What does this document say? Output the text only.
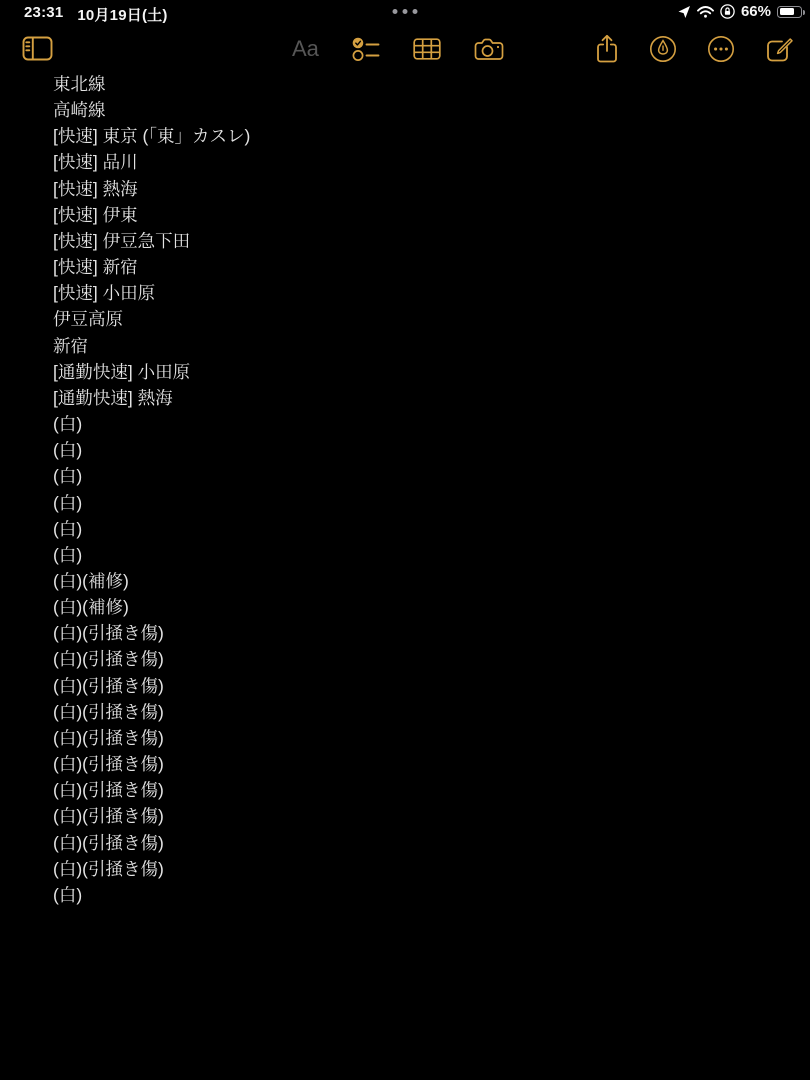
23:31 10月19日(土)	66%
Aa
東北線
高崎線
[快速] 東京 (「東」カスレ)
[快速] 品川
[快速] 熱海
[快速] 伊東
[快速] 伊豆急下田
[快速] 新宿
[快速] 小田原
伊豆高原
新宿
[通勤快速] 小田原
[通勤快速] 熱海
(白)
(白)
(白)
(白)
(白)
(白)
(白)(補修)
(白)(補修)
(白)(引掻き傷)
(白)(引掻き傷)
(白)(引掻き傷)
(白)(引掻き傷)
(白)(引掻き傷)
(白)(引掻き傷)
(白)(引掻き傷)
(白)(引掻き傷)
(白)(引掻き傷)
(白)(引掻き傷)
(白)
